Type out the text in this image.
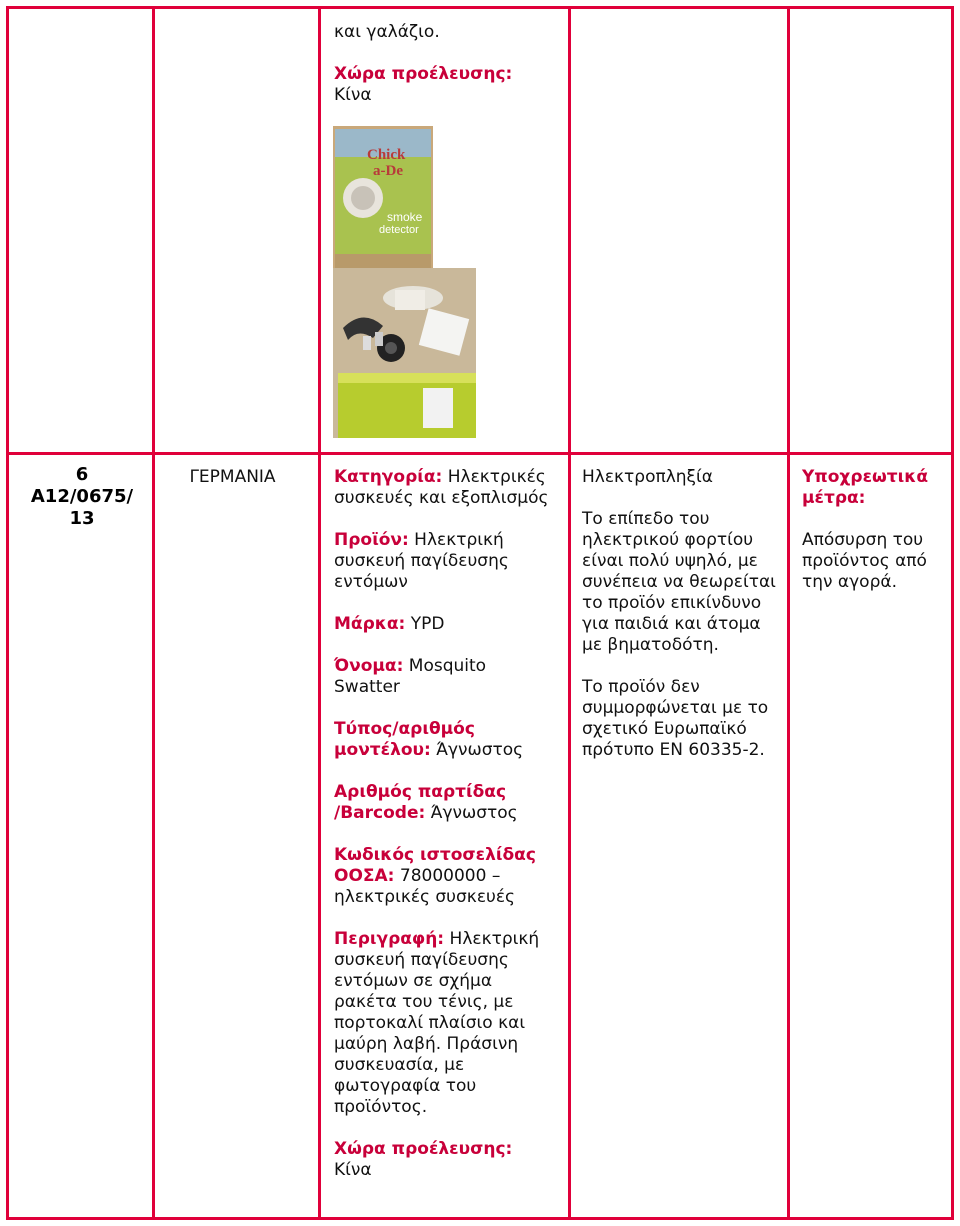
και γαλάζιο.

Χώρα προέλευσης:
Κίνα
Chick
a-De
smoke
detector
6
A12/0675/
13
ΓΕΡΜΑΝΙΑ	Κατηγορία: Ηλεκτρικές συσκευές και εξοπλισμός

Προϊόν: Ηλεκτρική συσκευή παγίδευσης εντόμων

Μάρκα: YPD

Όνομα: Mosquito Swatter

Τύπος/αριθμός μοντέλου: Άγνωστος

Αριθμός παρτίδας /Barcode: Άγνωστος

Κωδικός ιστοσελίδας ΟΟΣΑ: 78000000 – ηλεκτρικές συσκευές

Περιγραφή: Ηλεκτρική συσκευή παγίδευσης εντόμων σε σχήμα ρακέτα του τένις, με πορτοκαλί πλαίσιο και μαύρη λαβή. Πράσινη συσκευασία, με φωτογραφία του προϊόντος.

Χώρα προέλευσης:
Κίνα

Ηλεκτροπληξία

Το επίπεδο του ηλεκτρικού φορτίου είναι πολύ υψηλό, με συνέπεια να θεωρείται το προϊόν επικίνδυνο για παιδιά και άτομα με βηματοδότη.

Το προϊόν δεν συμμορφώνεται με το σχετικό Ευρωπαϊκό πρότυπο EN 60335-2.

Υποχρεωτικά μέτρα:

Απόσυρση του προϊόντος από την αγορά.
